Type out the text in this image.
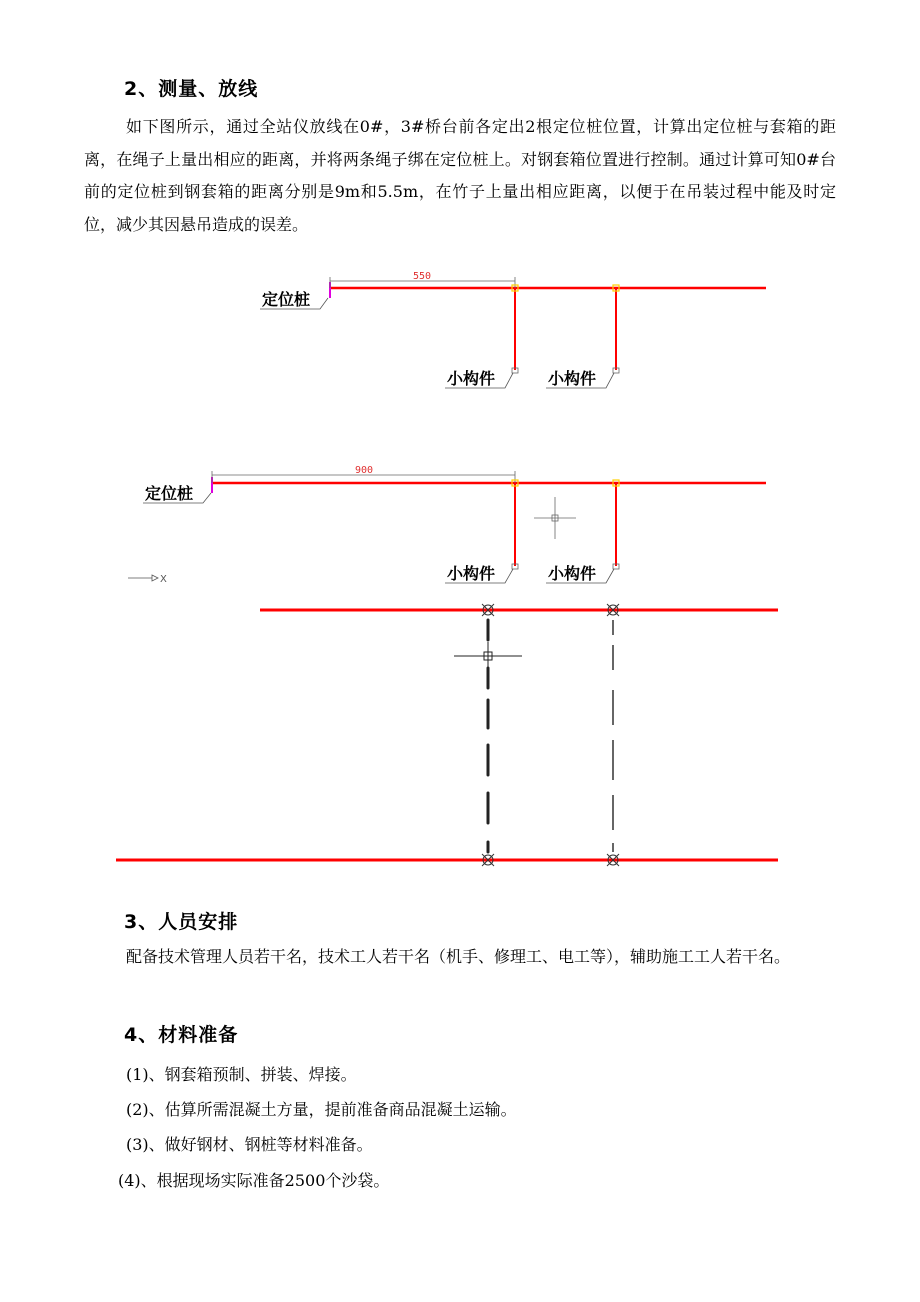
2、测量、放线

如下图所示，通过全站仪放线在0#，3#桥台前各定出2根定位桩位置，计算出定位桩与套箱的距离，在绳子上量出相应的距离，并将两条绳子绑在定位桩上。对钢套箱位置进行控制。通过计算可知0#台前的定位桩到钢套箱的距离分别是9m和5.5m，在竹子上量出相应距离，以便于在吊装过程中能及时定位，减少其因悬吊造成的误差。

550
定位桩
小构件	小构件
900
定位桩
小构件	小构件
X
3、人员安排

配备技术管理人员若干名，技术工人若干名（机手、修理工、电工等），辅助施工工人若干名。

4、材料准备

(1)、钢套箱预制、拼装、焊接。

(2)、估算所需混凝土方量，提前准备商品混凝土运输。

(3)、做好钢材、钢桩等材料准备。

(4)、根据现场实际准备2500个沙袋。
